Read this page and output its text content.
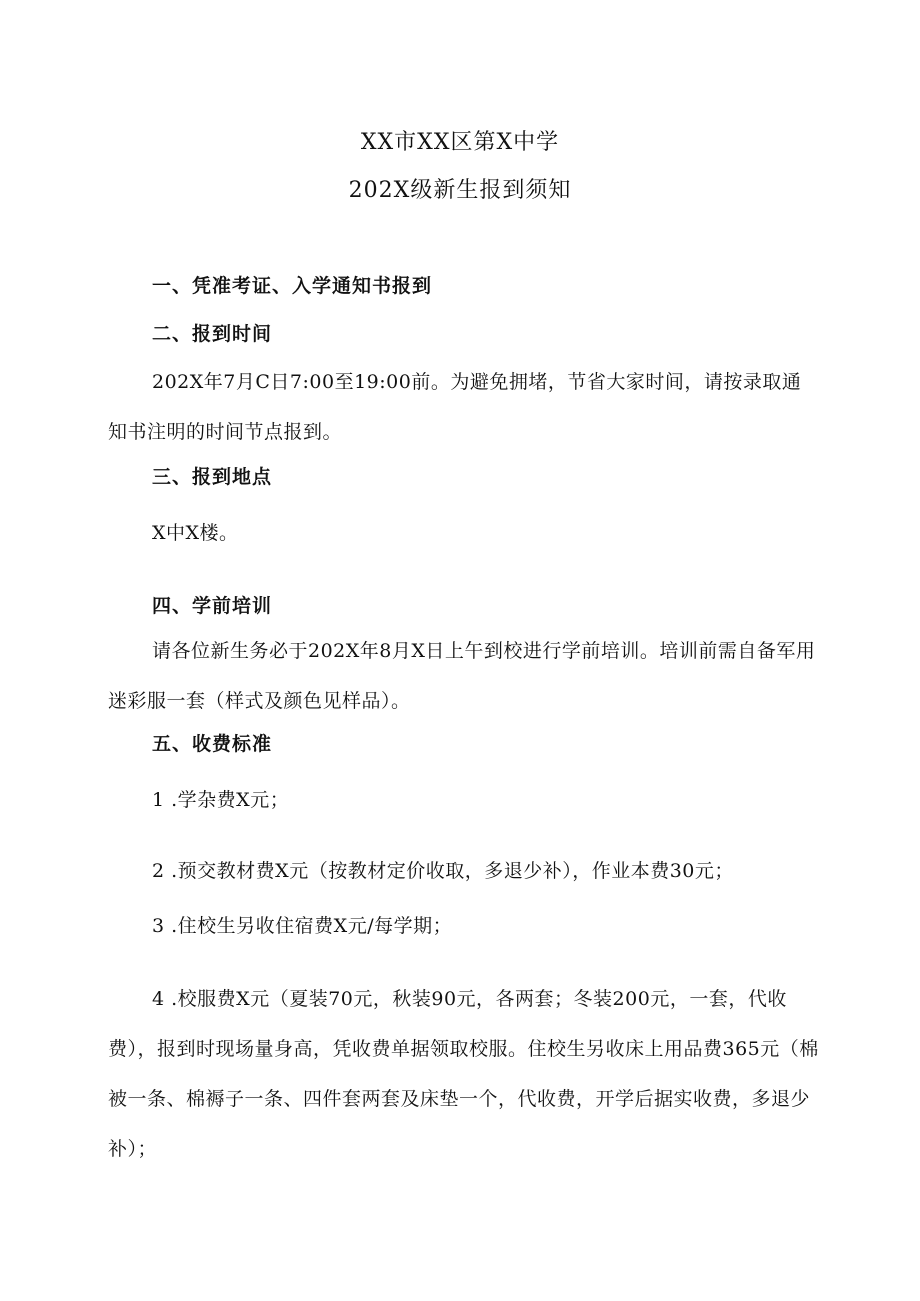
XX市XX区第X中学
202X级新生报到须知
一、凭准考证、入学通知书报到
二、报到时间
202X年7月C日7:00至19:00前。为避免拥堵，节省大家时间，请按录取通知书注明的时间节点报到。
三、报到地点
X中X楼。
四、学前培训
请各位新生务必于202X年8月X日上午到校进行学前培训。培训前需自备军用迷彩服一套（样式及颜色见样品）。
五、收费标准
1 .学杂费X元；
2 .预交教材费X元（按教材定价收取，多退少补），作业本费30元；
3 .住校生另收住宿费X元/每学期；
4 .校服费X元（夏装70元，秋装90元，各两套；冬装200元，一套，代收费），报到时现场量身高，凭收费单据领取校服。住校生另收床上用品费365元（棉被一条、棉褥子一条、四件套两套及床垫一个，代收费，开学后据实收费，多退少补）；
